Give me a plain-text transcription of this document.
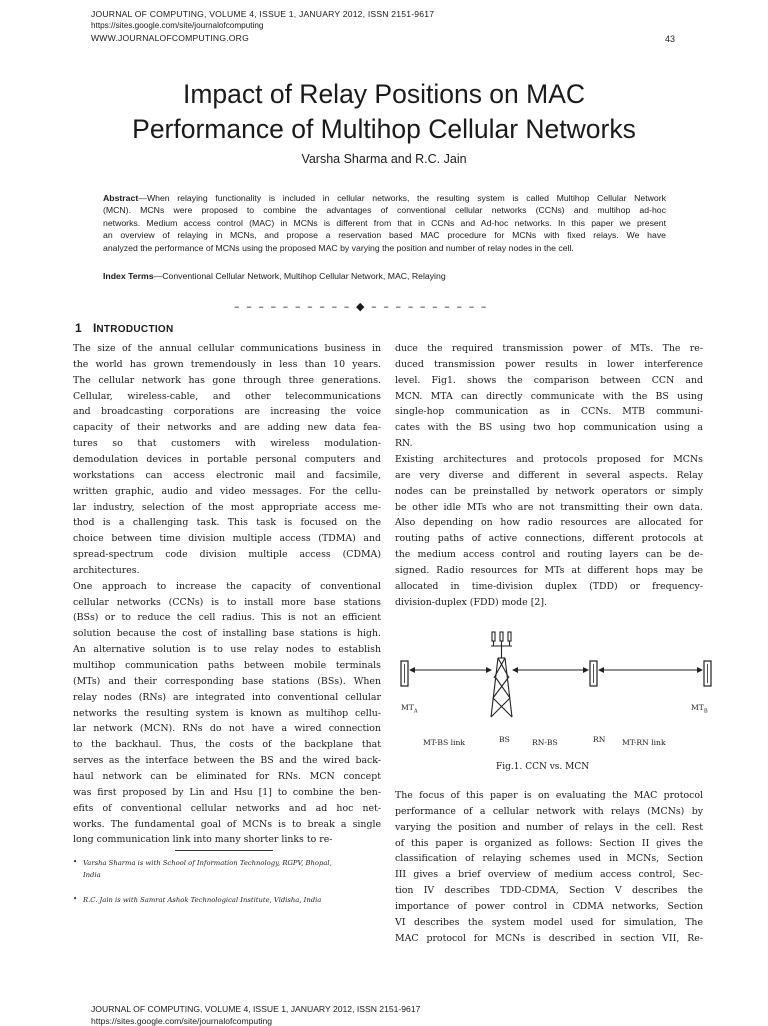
JOURNAL OF COMPUTING, VOLUME 4, ISSUE 1, JANUARY 2012, ISSN 2151-9617
https://sites.google.com/site/journalofcomputing
WWW.JOURNALOFCOMPUTING.ORG	43
Impact of Relay Positions on MAC
Performance of Multihop Cellular Networks
Varsha Sharma and R.C. Jain
Abstract—When relaying functionality is included in cellular networks, the resulting system is called Multihop Cellular Network
(MCN). MCNs were proposed to combine the advantages of conventional cellular networks (CCNs) and multihop ad-hoc
networks. Medium access control (MAC) in MCNs is different from that in CCNs and Ad-hoc networks. In this paper we present
an overview of relaying in MCNs, and propose a reservation based MAC procedure for MCNs with fixed relays. We have
analyzed the performance of MCNs using the proposed MAC by varying the position and number of relay nodes in the cell.
Index Terms—Conventional Cellular Network, Multihop Cellular Network, MAC, Relaying
– – – – – – – – – – ◆ – – – – – – – – – –
1 INTRODUCTION
The size of the annual cellular communications business in
the world has grown tremendously in less than 10 years.
The cellular network has gone through three generations.
Cellular, wireless-cable, and other telecommunications
and broadcasting corporations are increasing the voice
capacity of their networks and are adding new data fea-
tures so that customers with wireless modulation-
demodulation devices in portable personal computers and
workstations can access electronic mail and facsimile,
written graphic, audio and video messages. For the cellu-
lar industry, selection of the most appropriate access me-
thod is a challenging task. This task is focused on the
choice between time division multiple access (TDMA) and
spread-spectrum code division multiple access (CDMA)
architectures.
One approach to increase the capacity of conventional
cellular networks (CCNs) is to install more base stations
(BSs) or to reduce the cell radius. This is not an efficient
solution because the cost of installing base stations is high.
An alternative solution is to use relay nodes to establish
multihop communication paths between mobile terminals
(MTs) and their corresponding base stations (BSs). When
relay nodes (RNs) are integrated into conventional cellular
networks the resulting system is known as multihop cellu-
lar network (MCN). RNs do not have a wired connection
to the backhaul. Thus, the costs of the backplane that
serves as the interface between the BS and the wired back-
haul network can be eliminated for RNs. MCN concept
was first proposed by Lin and Hsu [1] to combine the ben-
efits of conventional cellular networks and ad hoc net-
works. The fundamental goal of MCNs is to break a single
long communication link into many shorter links to re-
duce the required transmission power of MTs. The re-
duced transmission power results in lower interference
level. Fig1. shows the comparison between CCN and
MCN. MTA can directly communicate with the BS using
single-hop communication as in CCNs. MTB communi-
cates with the BS using two hop communication using a
RN.
Existing architectures and protocols proposed for MCNs
are very diverse and different in several aspects. Relay
nodes can be preinstalled by network operators or simply
be other idle MTs who are not transmitting their own data.
Also depending on how radio resources are allocated for
routing paths of active connections, different protocols at
the medium access control and routing layers can be de-
signed. Radio resources for MTs at different hops may be
allocated in time-division duplex (TDD) or frequency-
division-duplex (FDD) mode [2].
$MT_A$	$MT_B$
BS	RN
MT-BS link	RN-BS	MT-RN link
Fig.1. CCN vs. MCN
The focus of this paper is on evaluating the MAC protocol
performance of a cellular network with relays (MCNs) by
varying the position and number of relays in the cell. Rest
of this paper is organized as follows: Section II gives the
classification of relaying schemes used in MCNs, Section
III gives a brief overview of medium access control, Sec-
tion IV describes TDD-CDMA, Section V describes the
importance of power control in CDMA networks, Section
VI describes the system model used for simulation, The
MAC protocol for MCNs is described in section VII, Re-
• Varsha Sharma is with School of Information Technology, RGPV, Bhopal,
India
• R.C. Jain is with Samrat Ashok Technological Institute, Vidisha, India
JOURNAL OF COMPUTING, VOLUME 4, ISSUE 1, JANUARY 2012, ISSN 2151-9617
https://sites.google.com/site/journalofcomputing
